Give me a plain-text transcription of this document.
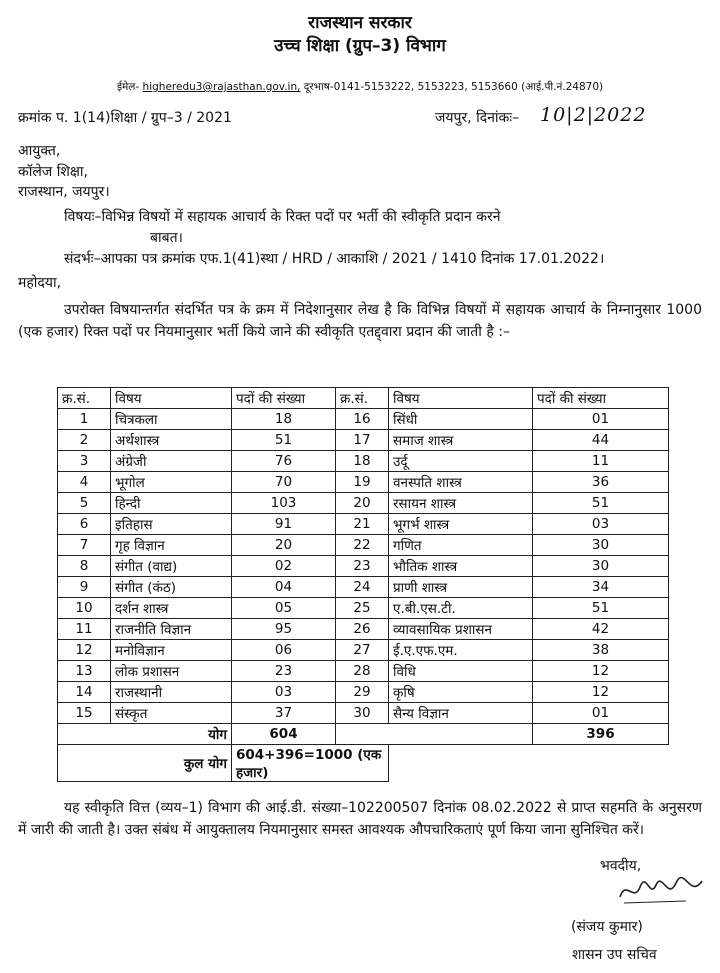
राजस्थान सरकार
उच्च शिक्षा (ग्रुप–3) विभाग
ईमेल- higheredu3@rajasthan.gov.in, दूरभाष-0141-5153222, 5153223, 5153660 (आई.पी.नं.24870)
क्रमांक प. 1(14)शिक्षा / ग्रुप–3 / 2021	जयपुर, दिनांकः– 10|2|2022
आयुक्त,
कॉलेज शिक्षा,
राजस्थान, जयपुर।
विषयः–विभिन्न विषयों में सहायक आचार्य के रिक्त पदों पर भर्ती की स्वीकृति प्रदान करने
बाबत।
संदर्भः–आपका पत्र क्रमांक एफ.1(41)स्था / HRD / आकाशि / 2021 / 1410 दिनांक 17.01.2022।
महोदया,
उपरोक्त विषयान्तर्गत संदर्भित पत्र के क्रम में निदेशानुसार लेख है कि विभिन्न विषयों में सहायक आचार्य के निम्नानुसार 1000 (एक हजार) रिक्त पदों पर नियमानुसार भर्ती किये जाने की स्वीकृति एतद्द्वारा प्रदान की जाती है :–
क्र.सं.	विषय	पदों की संख्या	क्र.सं.	विषय	पदों की संख्या
1	चित्रकला	18	16	सिंधी	01
2	अर्थशास्त्र	51	17	समाज शास्त्र	44
3	अंग्रेजी	76	18	उर्दू	11
4	भूगोल	70	19	वनस्पति शास्त्र	36
5	हिन्दी	103	20	रसायन शास्त्र	51
6	इतिहास	91	21	भूगर्भ शास्त्र	03
7	गृह विज्ञान	20	22	गणित	30
8	संगीत (वाद्य)	02	23	भौतिक शास्त्र	30
9	संगीत (कंठ)	04	24	प्राणी शास्त्र	34
10	दर्शन शास्त्र	05	25	ए.बी.एस.टी.	51
11	राजनीति विज्ञान	95	26	व्यावसायिक प्रशासन	42
12	मनोविज्ञान	06	27	ई.ए.एफ.एम.	38
13	लोक प्रशासन	23	28	विधि	12
14	राजस्थानी	03	29	कृषि	12
15	संस्कृत	37	30	सैन्य विज्ञान	01
योग		604			396
कुल योग		604+396=1000 (एक हजार)			
यह स्वीकृति वित्त (व्यय–1) विभाग की आई.डी. संख्या–102200507 दिनांक 08.02.2022 से प्राप्त सहमति के अनुसरण में जारी की जाती है। उक्त संबंध में आयुक्तालय नियमानुसार समस्त आवश्यक औपचारिकताएं पूर्ण किया जाना सुनिश्चित करें।
भवदीय,
(संजय कुमार)
शासन उप सचिव
